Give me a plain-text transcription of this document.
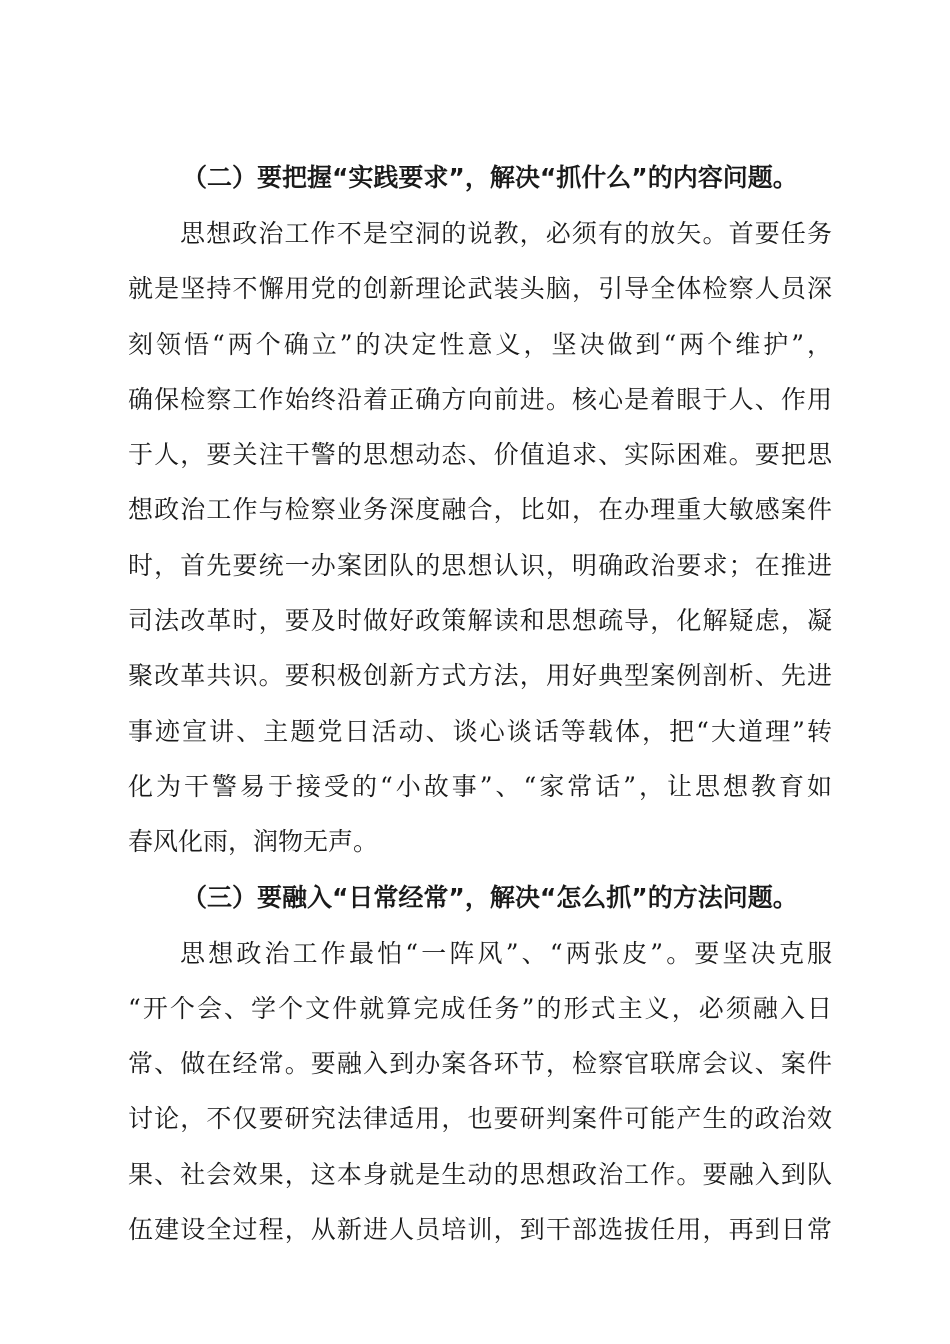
（二）要把握“实践要求”，解决“抓什么”的内容问题。
思想政治工作不是空洞的说教，必须有的放矢。首要任务
就是坚持不懈用党的创新理论武装头脑，引导全体检察人员深
刻领悟“两个确立”的决定性意义，坚决做到“两个维护”，
确保检察工作始终沿着正确方向前进。核心是着眼于人、作用
于人，要关注干警的思想动态、价值追求、实际困难。要把思
想政治工作与检察业务深度融合，比如，在办理重大敏感案件
时，首先要统一办案团队的思想认识，明确政治要求；在推进
司法改革时，要及时做好政策解读和思想疏导，化解疑虑，凝
聚改革共识。要积极创新方式方法，用好典型案例剖析、先进
事迹宣讲、主题党日活动、谈心谈话等载体，把“大道理”转
化为干警易于接受的“小故事”、“家常话”，让思想教育如
春风化雨，润物无声。
（三）要融入“日常经常”，解决“怎么抓”的方法问题。
思想政治工作最怕“一阵风”、“两张皮”。要坚决克服
“开个会、学个文件就算完成任务”的形式主义，必须融入日
常、做在经常。要融入到办案各环节，检察官联席会议、案件
讨论，不仅要研究法律适用，也要研判案件可能产生的政治效
果、社会效果，这本身就是生动的思想政治工作。要融入到队
伍建设全过程，从新进人员培训，到干部选拔任用，再到日常
